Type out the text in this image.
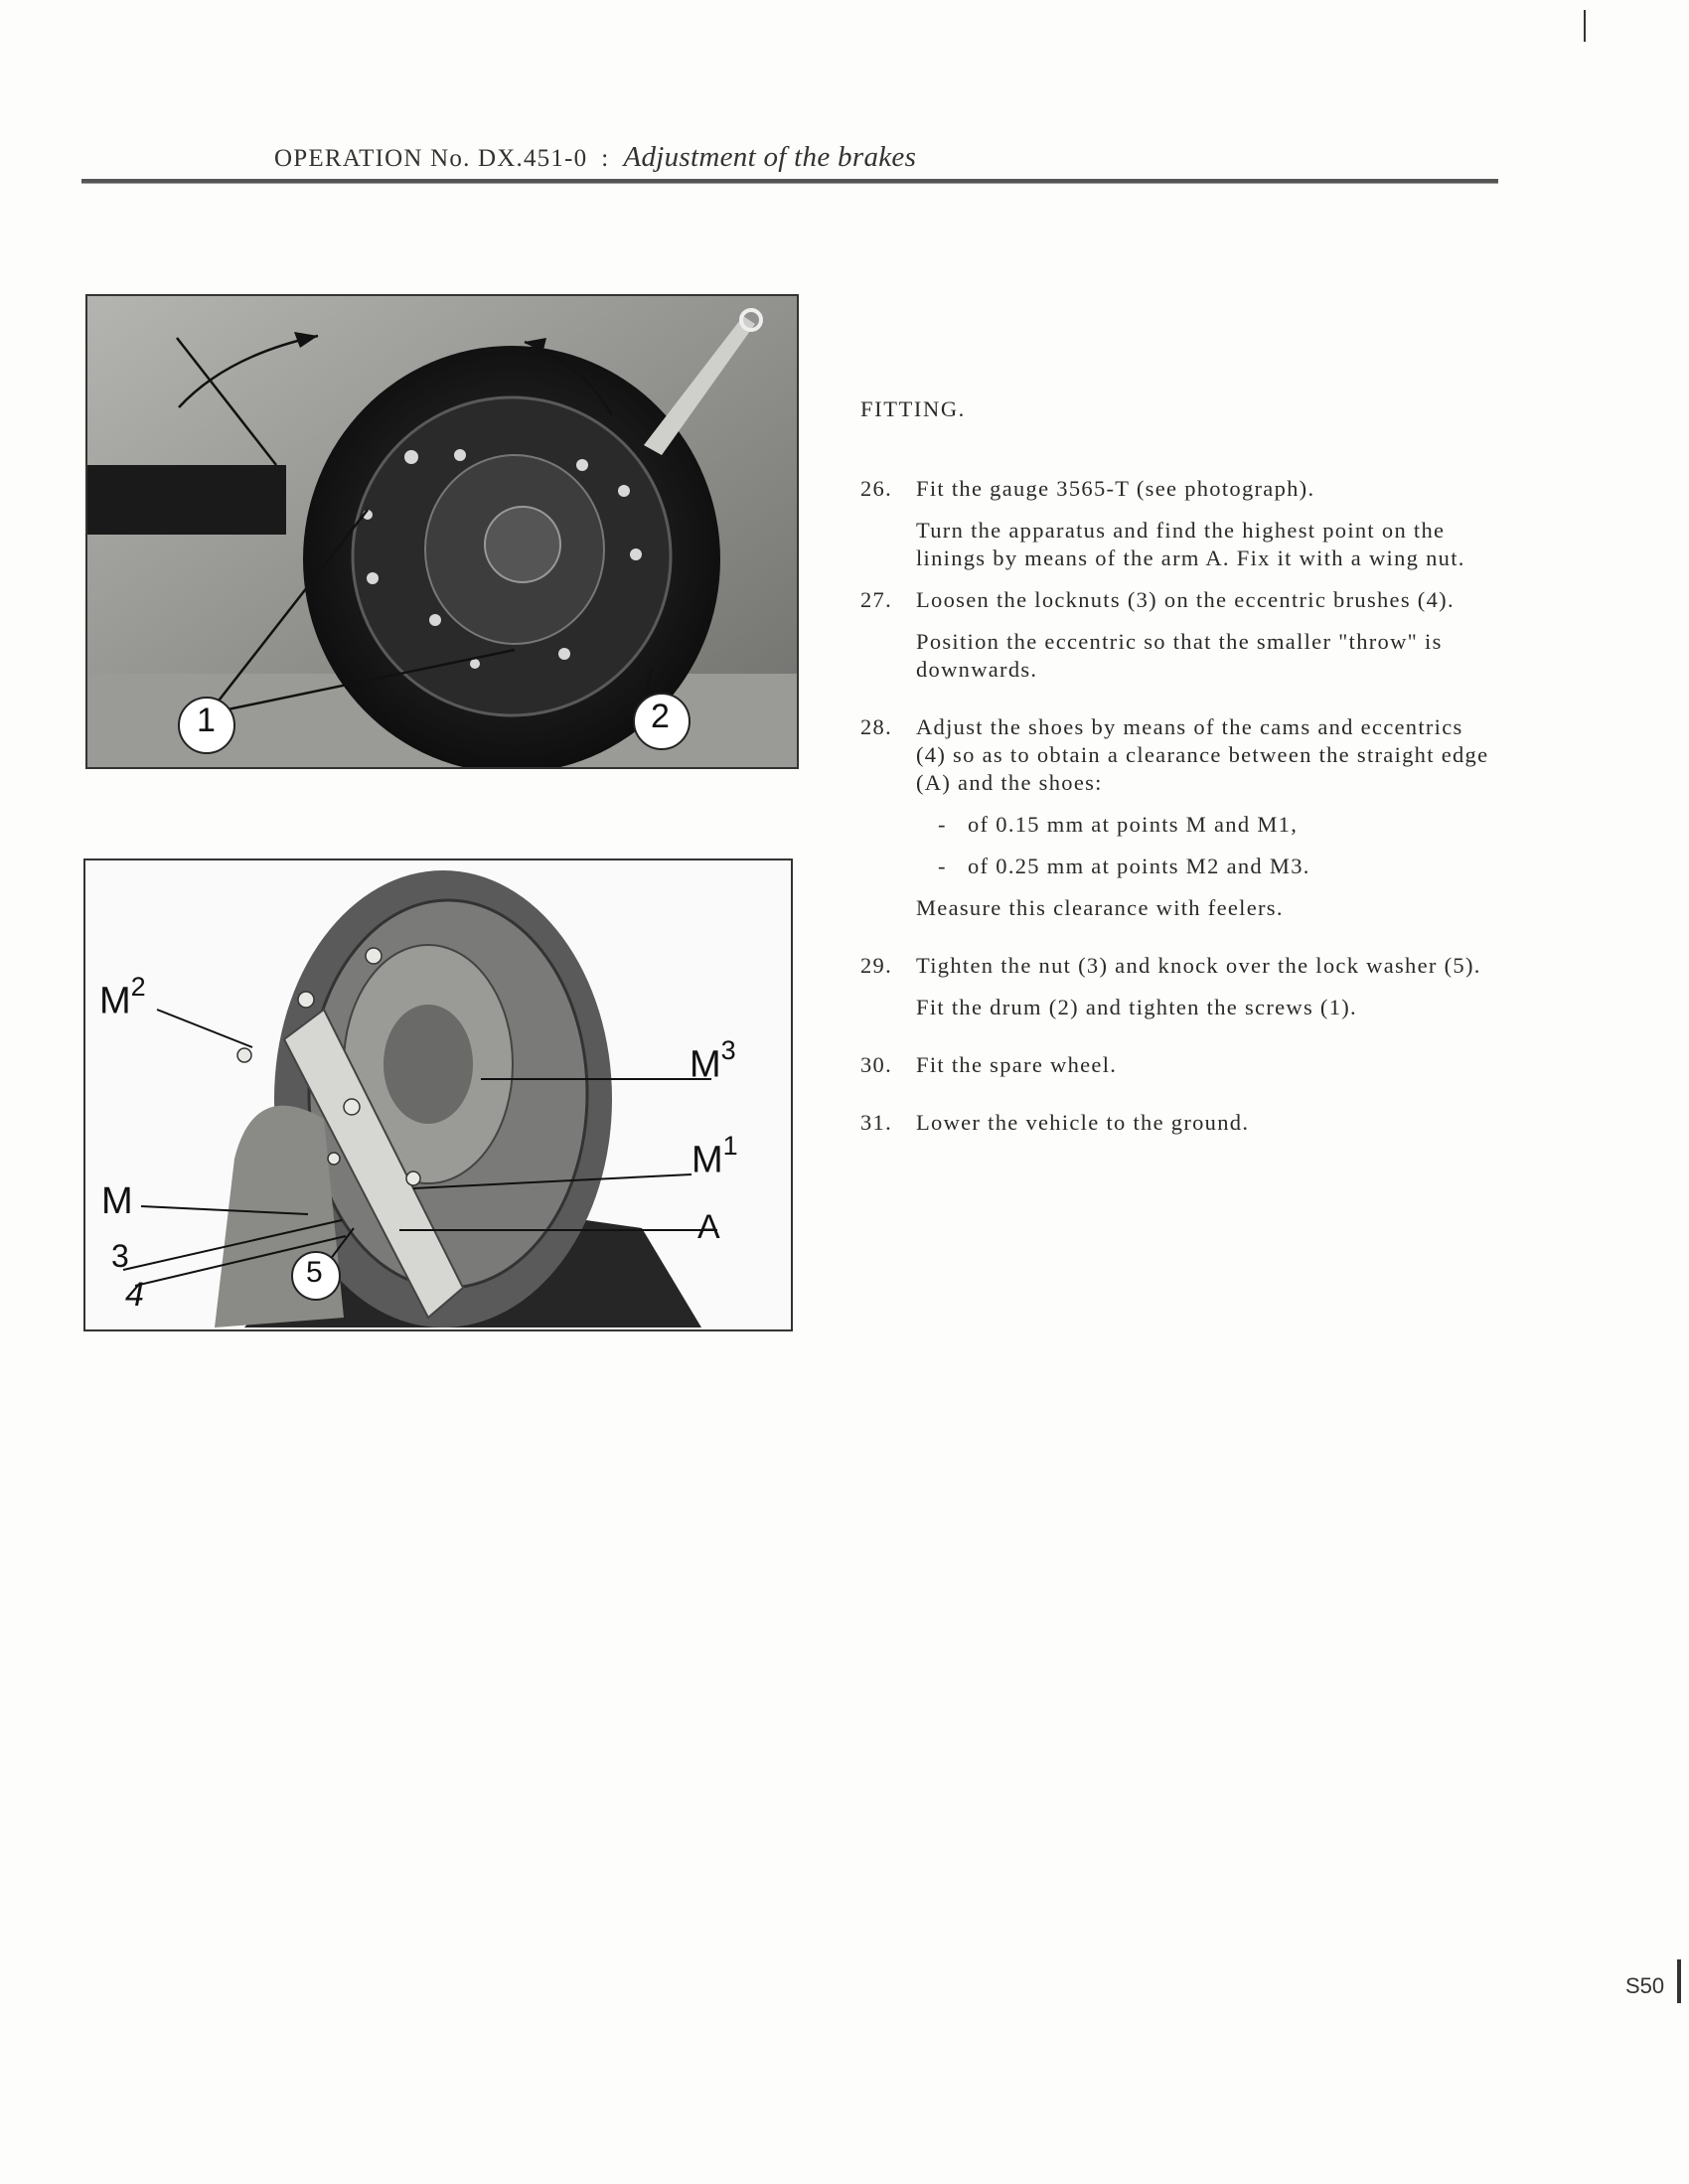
OPERATION No. DX.451-0 : Adjustment of the brakes
1	2
$M^2$
$M^3$
$M^1$
M
3
4
5
A
FITTING.
26. Fit the gauge 3565-T (see photograph).

Turn the apparatus and find the highest point on the linings by means of the arm A. Fix it with a wing nut.

27. Loosen the locknuts (3) on the eccentric brushes (4).

Position the eccentric so that the smaller "throw" is downwards.

28. Adjust the shoes by means of the cams and eccentrics (4) so as to obtain a clearance between the straight edge (A) and the shoes:

- of 0.15 mm at points M and M1,

- of 0.25 mm at points M2 and M3.

Measure this clearance with feelers.

29. Tighten the nut (3) and knock over the lock washer (5).

Fit the drum (2) and tighten the screws (1).

30. Fit the spare wheel.

31. Lower the vehicle to the ground.

S50
